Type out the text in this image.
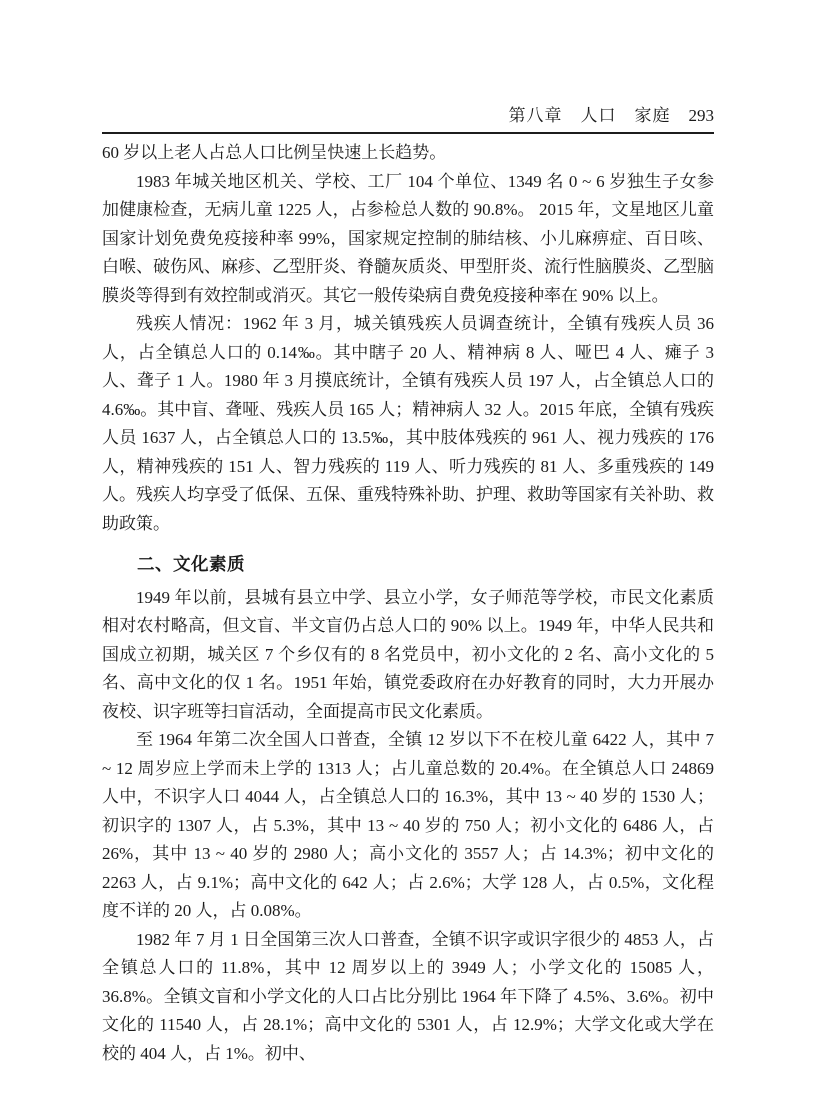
第八章　人口　家庭 293

60 岁以上老人占总人口比例呈快速上长趋势。

1983 年城关地区机关、学校、工厂 104 个单位、1349 名 0 ~ 6 岁独生子女参加健康检查，无病儿童 1225 人，占参检总人数的 90.8%。 2015 年，文星地区儿童国家计划免费免疫接种率 99%，国家规定控制的肺结核、小儿麻痹症、百日咳、白喉、破伤风、麻疹、乙型肝炎、脊髓灰质炎、甲型肝炎、流行性脑膜炎、乙型脑膜炎等得到有效控制或消灭。其它一般传染病自费免疫接种率在 90% 以上。

残疾人情况：1962 年 3 月，城关镇残疾人员调查统计，全镇有残疾人员 36 人，占全镇总人口的 0.14‰。其中瞎子 20 人、精神病 8 人、哑巴 4 人、瘫子 3 人、聋子 1 人。1980 年 3 月摸底统计，全镇有残疾人员 197 人，占全镇总人口的 4.6‰。其中盲、聋哑、残疾人员 165 人；精神病人 32 人。2015 年底，全镇有残疾人员 1637 人，占全镇总人口的 13.5‰，其中肢体残疾的 961 人、视力残疾的 176 人，精神残疾的 151 人、智力残疾的 119 人、听力残疾的 81 人、多重残疾的 149 人。残疾人均享受了低保、五保、重残特殊补助、护理、救助等国家有关补助、救助政策。

二、文化素质

1949 年以前，县城有县立中学、县立小学，女子师范等学校，市民文化素质相对农村略高，但文盲、半文盲仍占总人口的 90% 以上。1949 年，中华人民共和国成立初期，城关区 7 个乡仅有的 8 名党员中，初小文化的 2 名、高小文化的 5 名、高中文化的仅 1 名。1951 年始，镇党委政府在办好教育的同时，大力开展办夜校、识字班等扫盲活动，全面提高市民文化素质。

至 1964 年第二次全国人口普查，全镇 12 岁以下不在校儿童 6422 人，其中 7 ~ 12 周岁应上学而未上学的 1313 人；占儿童总数的 20.4%。在全镇总人口 24869 人中，不识字人口 4044 人，占全镇总人口的 16.3%，其中 13 ~ 40 岁的 1530 人；初识字的 1307 人，占 5.3%，其中 13 ~ 40 岁的 750 人；初小文化的 6486 人，占 26%，其中 13 ~ 40 岁的 2980 人；高小文化的 3557 人；占 14.3%；初中文化的 2263 人，占 9.1%；高中文化的 642 人；占 2.6%；大学 128 人，占 0.5%，文化程度不详的 20 人，占 0.08%。

1982 年 7 月 1 日全国第三次人口普查，全镇不识字或识字很少的 4853 人，占全镇总人口的 11.8%，其中 12 周岁以上的 3949 人；小学文化的 15085 人，36.8%。全镇文盲和小学文化的人口占比分别比 1964 年下降了 4.5%、3.6%。初中文化的 11540 人，占 28.1%；高中文化的 5301 人，占 12.9%；大学文化或大学在校的 404 人，占 1%。初中、
